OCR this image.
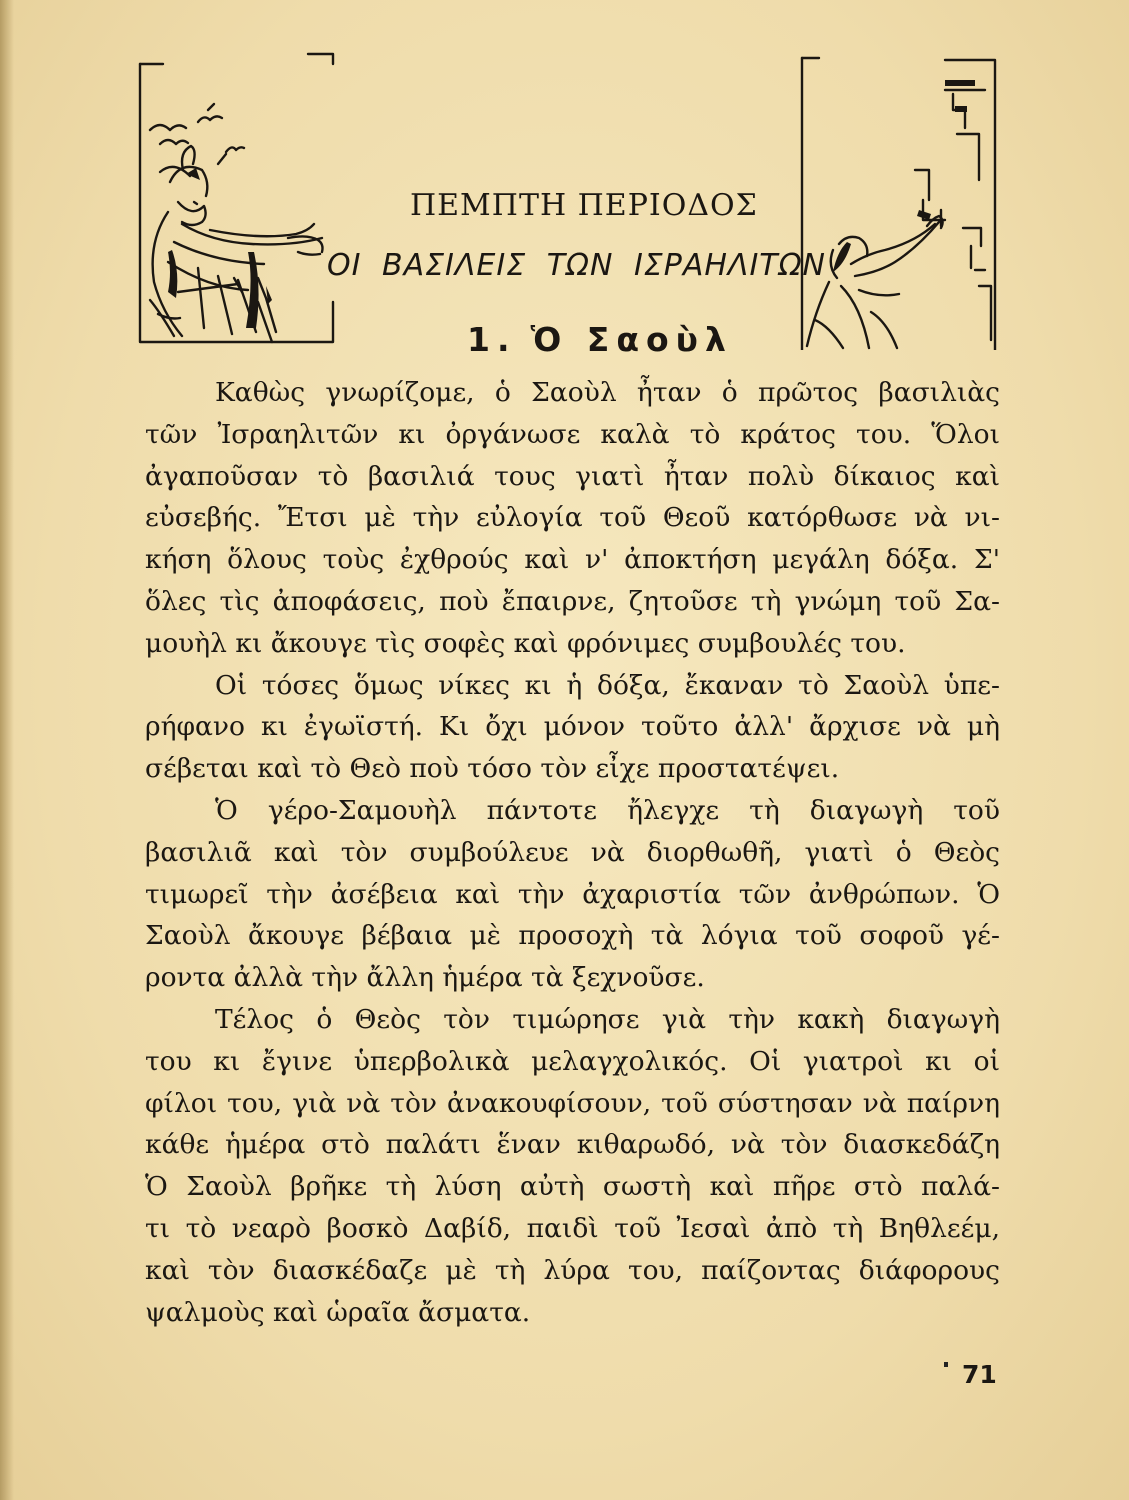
ΠΕΜΠΤΗ ΠΕΡΙΟΔΟΣ
ΟΙ ΒΑΣΙΛΕΙΣ ΤΩΝ ΙΣΡΑΗΛΙΤΩΝ
1. Ὁ Σαοὺλ
Καθὼς γνωρίζομε, ὁ Σαοὺλ ἦταν ὁ πρῶτος βασιλιὰς
τῶν Ἰσραηλιτῶν κι ὀργάνωσε καλὰ τὸ κράτος του. Ὅλοι
ἀγαποῦσαν τὸ βασιλιά τους γιατὶ ἦταν πολὺ δίκαιος καὶ
εὐσεβής. Ἔτσι μὲ τὴν εὐλογία τοῦ Θεοῦ κατόρθωσε νὰ νι-
κήση ὅλους τοὺς ἐχθρούς καὶ ν' ἀποκτήση μεγάλη δόξα. Σ'
ὅλες τὶς ἀποφάσεις, ποὺ ἔπαιρνε, ζητοῦσε τὴ γνώμη τοῦ Σα-
μουὴλ κι ἄκουγε τὶς σοφὲς καὶ φρόνιμες συμβουλές του.
Οἱ τόσες ὅμως νίκες κι ἡ δόξα, ἔκαναν τὸ Σαοὺλ ὑπε-
ρήφανο κι ἐγωϊστή. Κι ὄχι μόνον τοῦτο ἀλλ' ἄρχισε νὰ μὴ
σέβεται καὶ τὸ Θεὸ ποὺ τόσο τὸν εἶχε προστατέψει.
Ὁ γέρο-Σαμουὴλ πάντοτε ἤλεγχε τὴ διαγωγὴ τοῦ
βασιλιᾶ καὶ τὸν συμβούλευε νὰ διορθωθῆ, γιατὶ ὁ Θεὸς
τιμωρεῖ τὴν ἀσέβεια καὶ τὴν ἀχαριστία τῶν ἀνθρώπων. Ὁ
Σαοὺλ ἄκουγε βέβαια μὲ προσοχὴ τὰ λόγια τοῦ σοφοῦ γέ-
ροντα ἀλλὰ τὴν ἄλλη ἡμέρα τὰ ξεχνοῦσε.
Τέλος ὁ Θεὸς τὸν τιμώρησε γιὰ τὴν κακὴ διαγωγὴ
του κι ἔγινε ὑπερβολικὰ μελαγχολικός. Οἱ γιατροὶ κι οἱ
φίλοι του, γιὰ νὰ τὸν ἀνακουφίσουν, τοῦ σύστησαν νὰ παίρνη
κάθε ἡμέρα στὸ παλάτι ἕναν κιθαρωδό, νὰ τὸν διασκεδάζη
Ὁ Σαοὺλ βρῆκε τὴ λύση αὐτὴ σωστὴ καὶ πῆρε στὸ παλά-
τι τὸ νεαρὸ βοσκὸ Δαβίδ, παιδὶ τοῦ Ἰεσαὶ ἀπὸ τὴ Βηθλεέμ,
καὶ τὸν διασκέδαζε μὲ τὴ λύρα του, παίζοντας διάφορους
ψαλμοὺς καὶ ὡραῖα ἄσματα.
71
